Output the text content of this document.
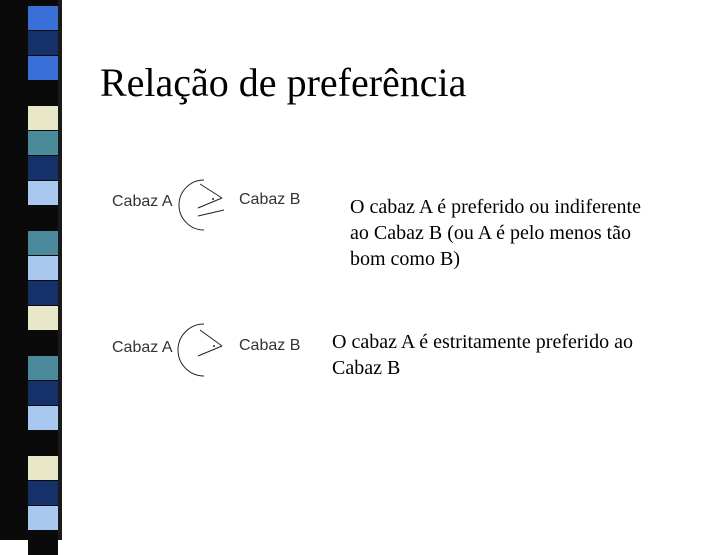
Relação de preferência
Cabaz A	Cabaz B O cabaz A é preferido ou indiferente ao Cabaz B (ou A é pelo menos tão bom como B)
Cabaz A	Cabaz B O cabaz A é estritamente preferido ao Cabaz B
